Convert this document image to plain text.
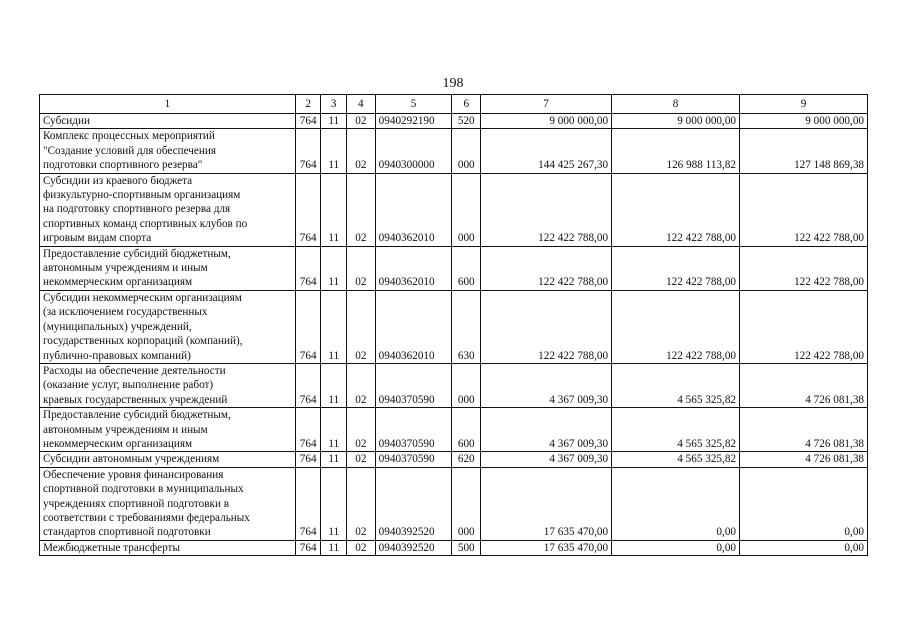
198
1	2	3	4	5	6	7	8	9
Субсидии	764	11	02	0940292190	520	9 000 000,00	9 000 000,00	9 000 000,00
Комплекс процессных мероприятий
"Создание условий для обеспечения
подготовки спортивного резерва"	764	11	02	0940300000	000	144 425 267,30	126 988 113,82	127 148 869,38
Субсидии из краевого бюджета
физкультурно-спортивным организациям
на подготовку спортивного резерва для
спортивных команд спортивных клубов по
игровым видам спорта	764	11	02	0940362010	000	122 422 788,00	122 422 788,00	122 422 788,00
Предоставление субсидий бюджетным,
автономным учреждениям и иным
некоммерческим организациям	764	11	02	0940362010	600	122 422 788,00	122 422 788,00	122 422 788,00
Субсидии некоммерческим организациям
(за исключением государственных
(муниципальных) учреждений,
государственных корпораций (компаний),
публично-правовых компаний)	764	11	02	0940362010	630	122 422 788,00	122 422 788,00	122 422 788,00
Расходы на обеспечение деятельности
(оказание услуг, выполнение работ)
краевых государственных учреждений	764	11	02	0940370590	000	4 367 009,30	4 565 325,82	4 726 081,38
Предоставление субсидий бюджетным,
автономным учреждениям и иным
некоммерческим организациям	764	11	02	0940370590	600	4 367 009,30	4 565 325,82	4 726 081,38
Субсидии автономным учреждениям	764	11	02	0940370590	620	4 367 009,30	4 565 325,82	4 726 081,38
Обеспечение уровня финансирования
спортивной подготовки в муниципальных
учреждениях спортивной подготовки в
соответствии с требованиями федеральных
стандартов спортивной подготовки	764	11	02	0940392520	000	17 635 470,00	0,00	0,00
Межбюджетные трансферты	764	11	02	0940392520	500	17 635 470,00	0,00	0,00
